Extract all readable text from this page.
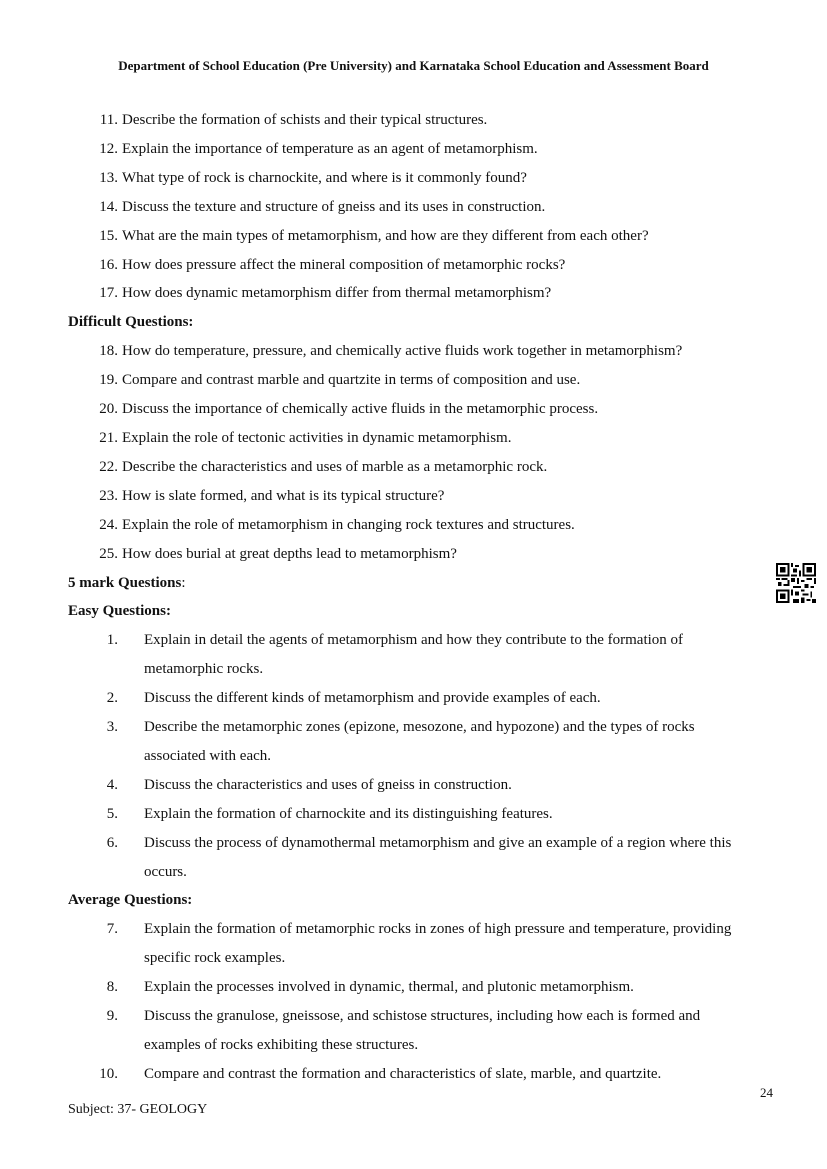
Department of School Education (Pre University) and Karnataka School Education and Assessment Board
11. Describe the formation of schists and their typical structures.
12. Explain the importance of temperature as an agent of metamorphism.
13. What type of rock is charnockite, and where is it commonly found?
14. Discuss the texture and structure of gneiss and its uses in construction.
15. What are the main types of metamorphism, and how are they different from each other?
16. How does pressure affect the mineral composition of metamorphic rocks?
17. How does dynamic metamorphism differ from thermal metamorphism?
Difficult Questions:
18. How do temperature, pressure, and chemically active fluids work together in metamorphism?
19. Compare and contrast marble and quartzite in terms of composition and use.
20. Discuss the importance of chemically active fluids in the metamorphic process.
21. Explain the role of tectonic activities in dynamic metamorphism.
22. Describe the characteristics and uses of marble as a metamorphic rock.
23. How is slate formed, and what is its typical structure?
24. Explain the role of metamorphism in changing rock textures and structures.
25. How does burial at great depths lead to metamorphism?
5 mark Questions:
Easy Questions:
1.	Explain in detail the agents of metamorphism and how they contribute to the formation of
metamorphic rocks.
2.	Discuss the different kinds of metamorphism and provide examples of each.
3.	Describe the metamorphic zones (epizone, mesozone, and hypozone) and the types of rocks
associated with each.
4.	Discuss the characteristics and uses of gneiss in construction.
5.	Explain the formation of charnockite and its distinguishing features.
6.	Discuss the process of dynamothermal metamorphism and give an example of a region where this
occurs.
Average Questions:
7.	Explain the formation of metamorphic rocks in zones of high pressure and temperature, providing
specific rock examples.
8.	Explain the processes involved in dynamic, thermal, and plutonic metamorphism.
9.	Discuss the granulose, gneissose, and schistose structures, including how each is formed and
examples of rocks exhibiting these structures.
10.	Compare and contrast the formation and characteristics of slate, marble, and quartzite.
24
Subject: 37- GEOLOGY
